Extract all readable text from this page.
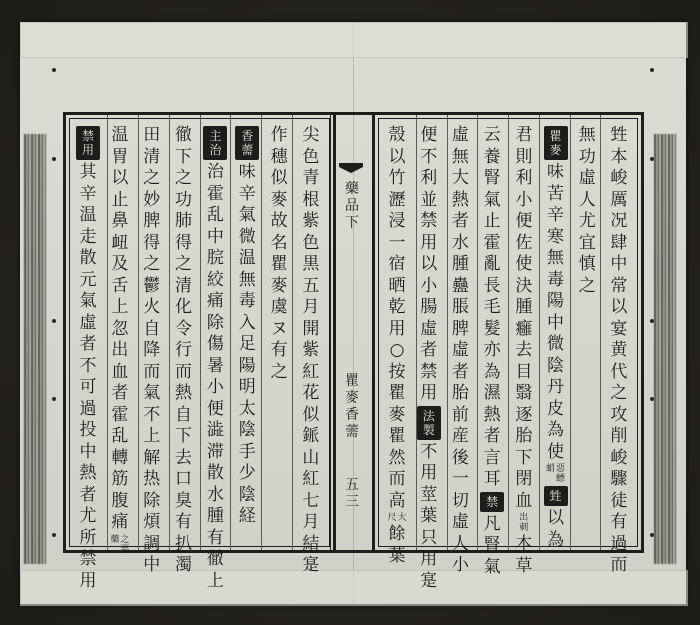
尖
色
青
根
紫
色
黒
五
月
開
紫
紅
花
似
䤨
山
紅
七
月
結
寔
作
穗
似
麥
故
名
瞿
麥
虞
ヌ
有
之
香
薷
味
辛
氣
微
温
無
毒
入
足
陽
明
太
陰
手
少
陰
経
主
治
治
霍
乱
中
脘
絞
痛
除
傷
暑
小
便
澁
滞
散
水
腫
有
徹
上
徹
下
之
功
肺
得
之
清
化
令
行
而
熱
自
下
去
口
臭
有
扒
濁
田
清
之
妙
脾
得
之
鬱
火
自
降
而
氣
不
上
解
热
除
煩
調
中
温
胃
以
止
鼻
衄
及
舌
上
忽
出
血
者
霍
乱
轉
筋
腹
痛
之
要
藥
禁
用
其
辛
温
走
散
元
氣
虛
者
不
可
過
投
中
熱
者
尤
所
禁
用
藥
品
下
瞿
麥
香
薷
五
三
甡
本
峻
厲
况
肆
中
常
以
宴
黄
代
之
攻
削
峻
驟
徒
有
過
而
無
功
虛
人
尤
宜
慎
之
瞿
麥
味
苦
辛
寒
無
毒
陽
中
微
陰
丹
皮
為
使
惡
螵
蛸
甡
以
為
君
則
利
小
便
佐
使
決
腫
癰
去
目
翳
逐
胎
下
閉
血
出
刺
本
草
云
養
腎
氣
止
霍
亂
長
毛
髮
亦
為
濕
熱
者
言
耳
禁
凡
腎
氣
虛
無
大
熱
者
水
腫
蠱
脹
脾
虛
者
胎
前
産
後
一
切
虛
人
小
便
不
利
並
禁
用
以
小
腸
虛
者
禁
用
法
製
不
用
莖
葉
只
用
寔
殼
以
竹
瀝
浸
一
宿
晒
乾
用
○
按
瞿
麥
瞿
然
而
高
大
尺
餘
葉
